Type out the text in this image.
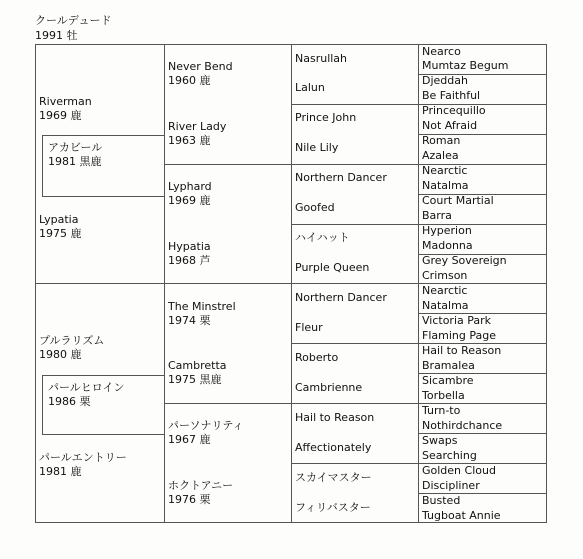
クールデュード
1991 牡
Nearco
Mumtaz Begum
Djeddah
Be Faithful
Princequillo
Not Afraid
Roman
Azalea
Nearctic
Natalma
Court Martial
Barra
Hyperion
Madonna
Grey Sovereign
Crimson
Nearctic
Natalma
Victoria Park
Flaming Page
Hail to Reason
Bramalea
Sicambre
Torbella
Turn-to
Nothirdchance
Swaps
Searching
Golden Cloud
Discipliner
Busted
Tugboat Annie
Nasrullah
Lalun
Prince John
Nile Lily
Northern Dancer
Goofed
ハイハット
Purple Queen
Northern Dancer
Fleur
Roberto
Cambrienne
Hail to Reason
Affectionately
スカイマスター
フィリバスター
Never Bend
1960 鹿
River Lady
1963 鹿
Lyphard
1969 鹿
Hypatia
1968 芦
The Minstrel
1974 栗
Cambretta
1975 黒鹿
パーソナリティ
1967 鹿
ホクトアニー
1976 栗
Riverman
1969 鹿
Lypatia
1975 鹿
プルラリズム
1980 鹿
パールエントリー
1981 鹿
アカビール
1981 黒鹿
パールヒロイン
1986 栗
